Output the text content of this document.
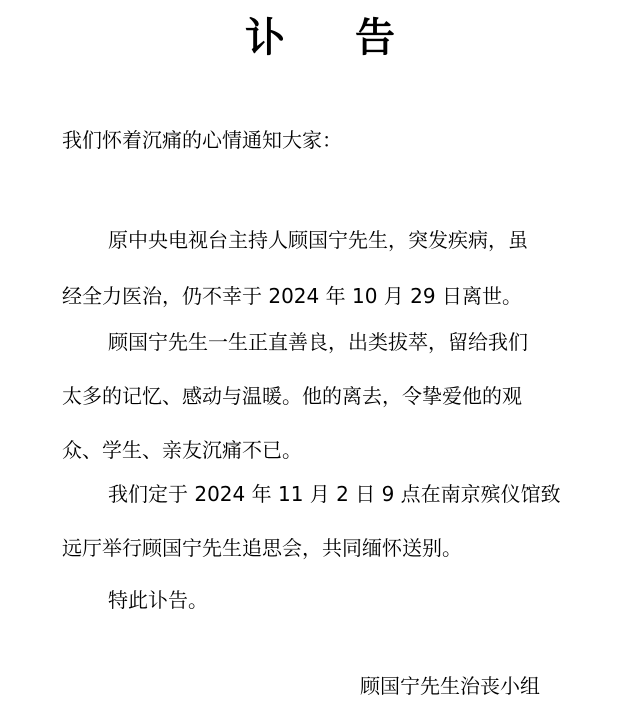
讣 告
我们怀着沉痛的心情通知大家：
原中央电视台主持人顾国宁先生，突发疾病，虽
经全力医治，仍不幸于 2024 年 10 月 29 日离世。
顾国宁先生一生正直善良，出类拔萃，留给我们
太多的记忆、感动与温暖。他的离去，令挚爱他的观
众、学生、亲友沉痛不已。
我们定于 2024 年 11 月 2 日 9 点在南京殡仪馆致
远厅举行顾国宁先生追思会，共同缅怀送别。
特此讣告。
顾国宁先生治丧小组
